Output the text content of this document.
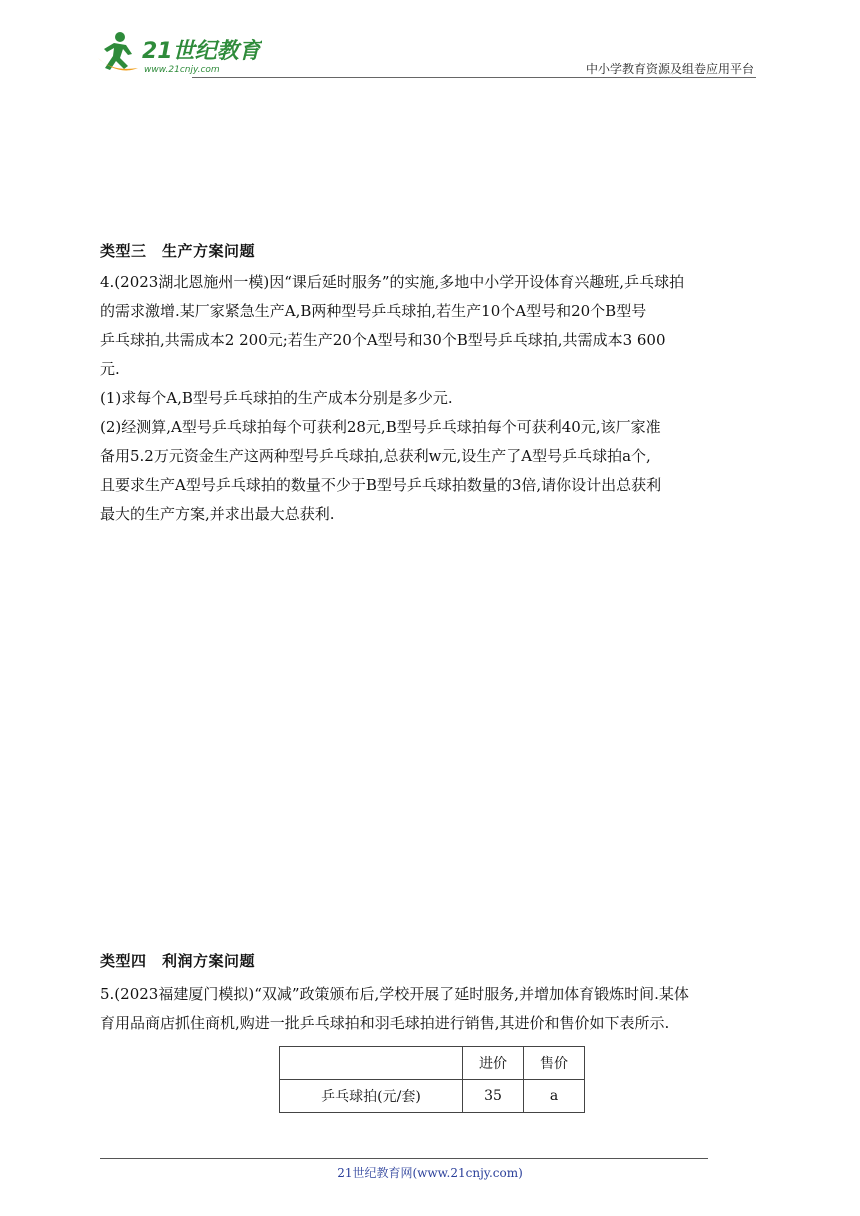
21世纪教育
www.21cnjy.com	中小学教育资源及组卷应用平台
类型三　生产方案问题
4.(2023湖北恩施州一模)因“课后延时服务”的实施,多地中小学开设体育兴趣班,乒乓球拍
的需求激增.某厂家紧急生产A,B两种型号乒乓球拍,若生产10个A型号和20个B型号
乒乓球拍,共需成本2 200元;若生产20个A型号和30个B型号乒乓球拍,共需成本3 600
元.
(1)求每个A,B型号乒乓球拍的生产成本分别是多少元.
(2)经测算,A型号乒乓球拍每个可获利28元,B型号乒乓球拍每个可获利40元,该厂家准
备用5.2万元资金生产这两种型号乒乓球拍,总获利w元,设生产了A型号乒乓球拍a个,
且要求生产A型号乒乓球拍的数量不少于B型号乒乓球拍数量的3倍,请你设计出总获利
最大的生产方案,并求出最大总获利.
类型四　利润方案问题
5.(2023福建厦门模拟)“双减”政策颁布后,学校开展了延时服务,并增加体育锻炼时间.某体
育用品商店抓住商机,购进一批乒乓球拍和羽毛球拍进行销售,其进价和售价如下表所示.
	进价	售价
乒乓球拍(元/套)	35	a
21世纪教育网(www.21cnjy.com)
